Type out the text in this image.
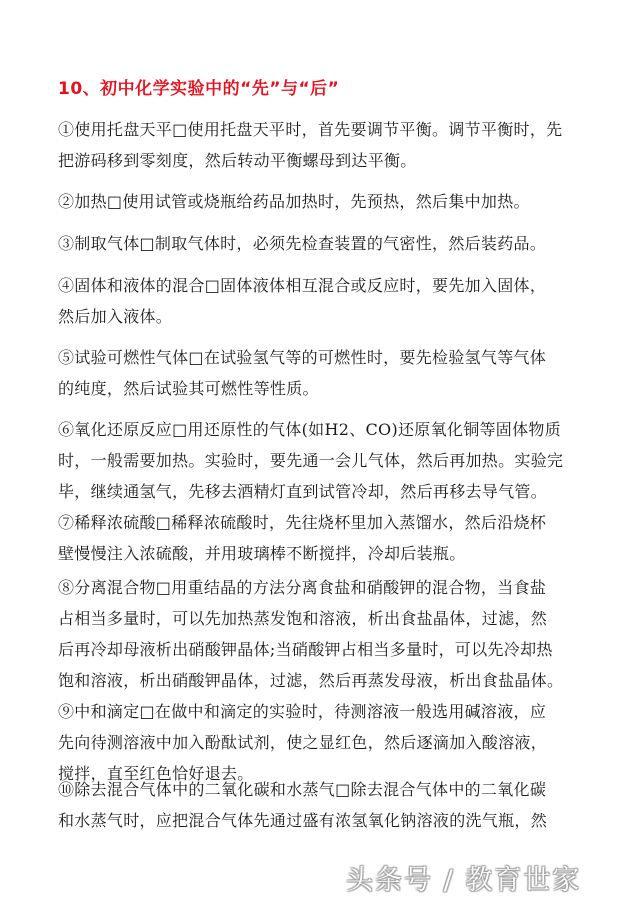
10、初中化学实验中的“先”与“后”
①使用托盘天平□使用托盘天平时，首先要调节平衡。调节平衡时，先
把游码移到零刻度，然后转动平衡螺母到达平衡。
②加热□使用试管或烧瓶给药品加热时，先预热，然后集中加热。
③制取气体□制取气体时，必须先检查装置的气密性，然后装药品。
④固体和液体的混合□固体液体相互混合或反应时，要先加入固体，
然后加入液体。
⑤试验可燃性气体□在试验氢气等的可燃性时，要先检验氢气等气体
的纯度，然后试验其可燃性等性质。
⑥氧化还原反应□用还原性的气体(如H2、CO)还原氧化铜等固体物质
时，一般需要加热。实验时，要先通一会儿气体，然后再加热。实验完
毕，继续通氢气，先移去酒精灯直到试管冷却，然后再移去导气管。
⑦稀释浓硫酸□稀释浓硫酸时，先往烧杯里加入蒸馏水，然后沿烧杯
壁慢慢注入浓硫酸，并用玻璃棒不断搅拌，冷却后装瓶。
⑧分离混合物□用重结晶的方法分离食盐和硝酸钾的混合物，当食盐
占相当多量时，可以先加热蒸发饱和溶液，析出食盐晶体，过滤，然
后再冷却母液析出硝酸钾晶体;当硝酸钾占相当多量时，可以先冷却热
饱和溶液，析出硝酸钾晶体，过滤，然后再蒸发母液，析出食盐晶体。
⑨中和滴定□在做中和滴定的实验时，待测溶液一般选用碱溶液，应
先向待测溶液中加入酚酞试剂，使之显红色，然后逐滴加入酸溶液，
搅拌，直至红色恰好退去。
⑩除去混合气体中的二氧化碳和水蒸气□除去混合气体中的二氧化碳
和水蒸气时，应把混合气体先通过盛有浓氢氧化钠溶液的洗气瓶，然
头条号 / 教育世家
